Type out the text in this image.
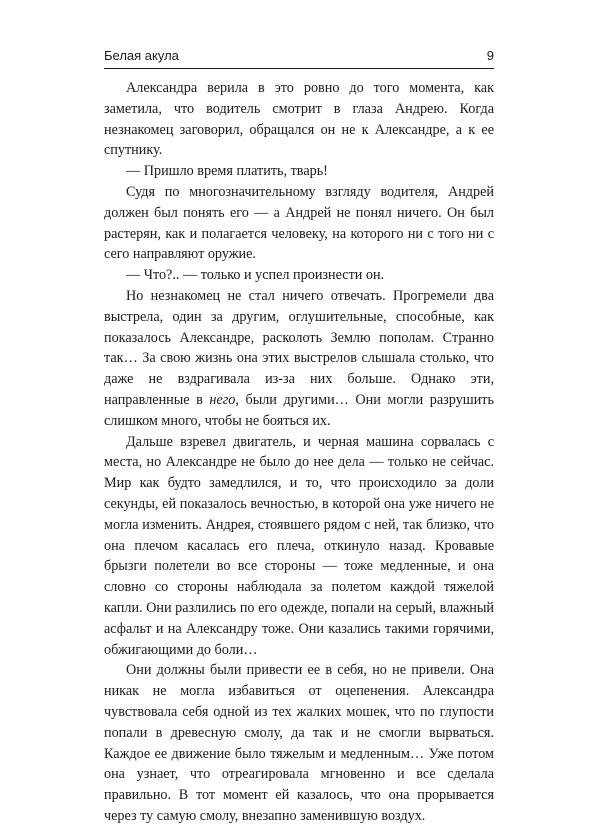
Белая акула	9

Александра верила в это ровно до того момента, как заметила, что водитель смотрит в глаза Андрею. Когда незнакомец заговорил, обращался он не к Александре, а к ее спутнику.

— Пришло время платить, тварь!

Судя по многозначительному взгляду водителя, Андрей должен был понять его — а Андрей не понял ничего. Он был растерян, как и полагается человеку, на которого ни с того ни с сего направляют оружие.

— Что?.. — только и успел произнести он.

Но незнакомец не стал ничего отвечать. Прогремели два выстрела, один за другим, оглушительные, способные, как показалось Александре, расколоть Землю пополам. Странно так… За свою жизнь она этих выстрелов слышала столько, что даже не вздрагивала из-за них больше. Однако эти, направленные в него, были другими… Они могли разрушить слишком много, чтобы не бояться их.

Дальше взревел двигатель, и черная машина сорвалась с места, но Александре не было до нее дела — только не сейчас. Мир как будто замедлился, и то, что происходило за доли секунды, ей показалось вечностью, в которой она уже ничего не могла изменить. Андрея, стоявшего рядом с ней, так близко, что она плечом касалась его плеча, откинуло назад. Кровавые брызги полетели во все стороны — тоже медленные, и она словно со стороны наблюдала за полетом каждой тяжелой капли. Они разлились по его одежде, попали на серый, влажный асфальт и на Александру тоже. Они казались такими горячими, обжигающими до боли…

Они должны были привести ее в себя, но не привели. Она никак не могла избавиться от оцепенения. Александра чувствовала себя одной из тех жалких мошек, что по глупости попали в древесную смолу, да так и не смогли вырваться. Каждое ее движение было тяжелым и медленным… Уже потом она узнает, что отреагировала мгновенно и все сделала правильно. В тот момент ей казалось, что она прорывается через ту самую смолу, внезапно заменившую воздух.
